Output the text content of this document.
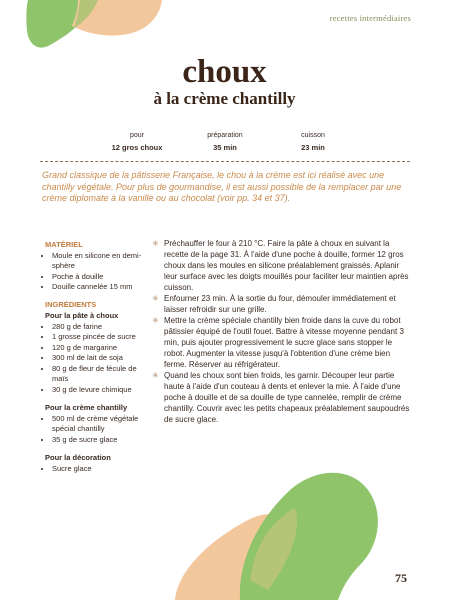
recettes intermédiaires
choux
à la crème chantilly
pour
12 gros choux
préparation
35 min
cuisson
23 min
Grand classique de la pâtisserie Française, le chou à la crème est ici réalisé avec une chantilly végétale. Pour plus de gourmandise, il est aussi possible de la remplacer par une crème diplomate à la vanille ou au chocolat (voir pp. 34 et 37).
MATÉRIEL
• Moule en silicone en demi-sphère
• Poche à douille
• Douille cannelée 15 mm
INGRÉDIENTS
Pour la pâte à choux
• 280 g de farine
• 1 grosse pincée de sucre
• 120 g de margarine
• 300 ml de lait de soja
• 80 g de fleur de fécule de maïs
• 30 g de levure chimique
Pour la crème chantilly
• 500 ml de crème végétale spécial chantilly
• 35 g de sucre glace
Pour la décoration
• Sucre glace

✳ Préchauffer le four à 210 °C. Faire la pâte à choux en suivant la recette de la page 31. À l'aide d'une poche à douille, former 12 gros choux dans les moules en silicone préalablement graissés. Aplanir leur surface avec les doigts mouillés pour faciliter leur maintien après cuisson.

✳ Enfourner 23 min. À la sortie du four, démouler immédiatement et laisser refroidir sur une grille.

✳ Mettre la crème spéciale chantilly bien froide dans la cuve du robot pâtissier équipé de l'outil fouet. Battre à vitesse moyenne pendant 3 min, puis ajouter progressivement le sucre glace sans stopper le robot. Augmenter la vitesse jusqu'à l'obtention d'une crème bien ferme. Réserver au réfrigérateur.

✳ Quand les choux sont bien froids, les garnir. Découper leur partie haute à l'aide d'un couteau à dents et enlever la mie. À l'aide d'une poche à douille et de sa douille de type cannelée, remplir de crème chantilly. Couvrir avec les petits chapeaux préalablement saupoudrés de sucre glace.

75
